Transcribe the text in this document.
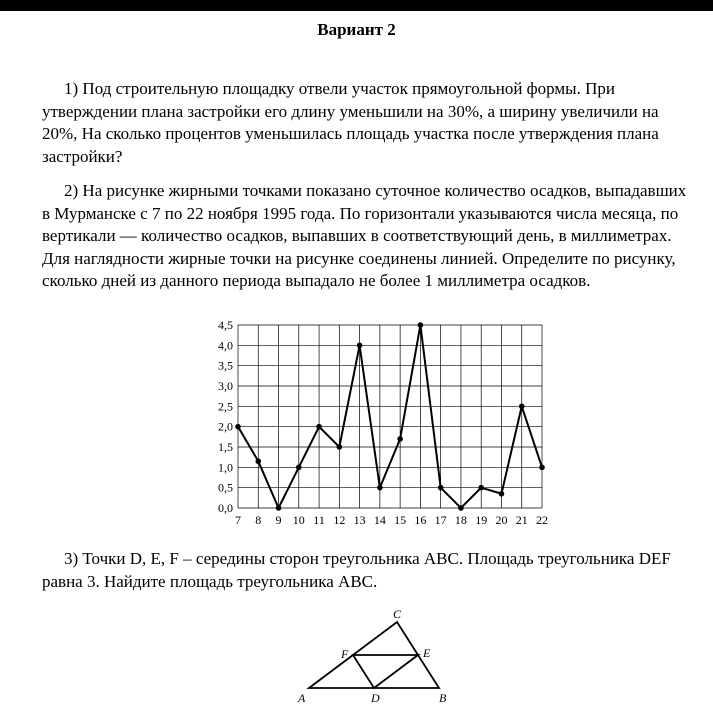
Вариант 2
1) Под строительную площадку отвели участок прямоугольной формы. При утверждении плана застройки его длину уменьшили на 30%, а ширину увеличили на 20%, На сколько процентов уменьшилась площадь участка после утверждения плана застройки?
2) На рисунке жирными точками показано суточное количество осадков, выпадавших в Мурманске с 7 по 22 ноября 1995 года. По горизонтали указываются числа месяца, по вертикали — количество осадков, выпавших в соответствующий день, в миллиметрах. Для наглядности жирные точки на рисунке соединены линией. Определите по рисунку, сколько дней из данного периода выпадало не более 1 миллиметра осадков.
0,0
0,5
1,0
1,5
2,0
2,5
3,0
3,5
4,0
4,5
7 8 9 10 11 12 13 14 15 16 17 18 19 20 21 22
3) Точки D, E, F – середины сторон треугольника ABC. Площадь треугольника DEF равна 3. Найдите площадь треугольника ABC.
C
F	E
A	D	B
